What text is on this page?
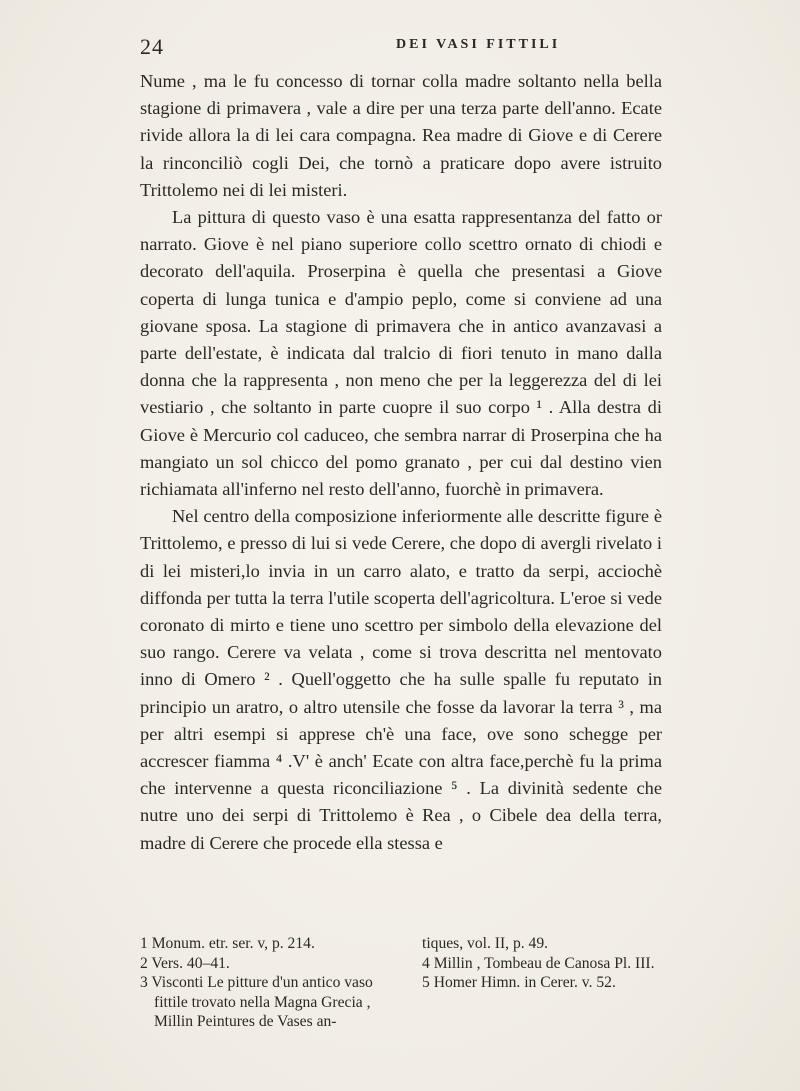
24	DEI VASI FITTILI

Nume , ma le fu concesso di tornar colla madre soltanto nella bella stagione di primavera , vale a dire per una terza parte dell'anno. Ecate rivide allora la di lei cara compagna. Rea madre di Giove e di Cerere la rinconciliò cogli Dei, che tornò a praticare dopo avere istruito Trittolemo nei di lei misteri.

La pittura di questo vaso è una esatta rappresentanza del fatto or narrato. Giove è nel piano superiore collo scettro ornato di chiodi e decorato dell'aquila. Proserpina è quella che presentasi a Giove coperta di lunga tunica e d'ampio peplo, come si conviene ad una giovane sposa. La stagione di primavera che in antico avanzavasi a parte dell'estate, è indicata dal tralcio di fiori tenuto in mano dalla donna che la rappresenta , non meno che per la leggerezza del di lei vestiario , che soltanto in parte cuopre il suo corpo ¹ . Alla destra di Giove è Mercurio col caduceo, che sembra narrar di Proserpina che ha mangiato un sol chicco del pomo granato , per cui dal destino vien richiamata all'inferno nel resto dell'anno, fuorchè in primavera.

Nel centro della composizione inferiormente alle descritte figure è Trittolemo, e presso di lui si vede Cerere, che dopo di avergli rivelato i di lei misteri,lo invia in un carro alato, e tratto da serpi, acciochè diffonda per tutta la terra l'utile scoperta dell'agricoltura. L'eroe si vede coronato di mirto e tiene uno scettro per simbolo della elevazione del suo rango. Cerere va velata , come si trova descritta nel mentovato inno di Omero ² . Quell'oggetto che ha sulle spalle fu reputato in principio un aratro, o altro utensile che fosse da lavorar la terra ³ , ma per altri esempi si apprese ch'è una face, ove sono schegge per accrescer fiamma ⁴ .V' è anch' Ecate con altra face,perchè fu la prima che intervenne a questa riconciliazione ⁵ . La divinità sedente che nutre uno dei serpi di Trittolemo è Rea , o Cibele dea della terra, madre di Cerere che procede ella stessa e

1 Monum. etr. ser. v, p. 214.

2 Vers. 40–41.

3 Visconti Le pitture d'un antico vaso fittile trovato nella Magna Grecia , Millin Peintures de Vases an-

tiques, vol. II, p. 49.

4 Millin , Tombeau de Canosa Pl. III.

5 Homer Himn. in Cerer. v. 52.
